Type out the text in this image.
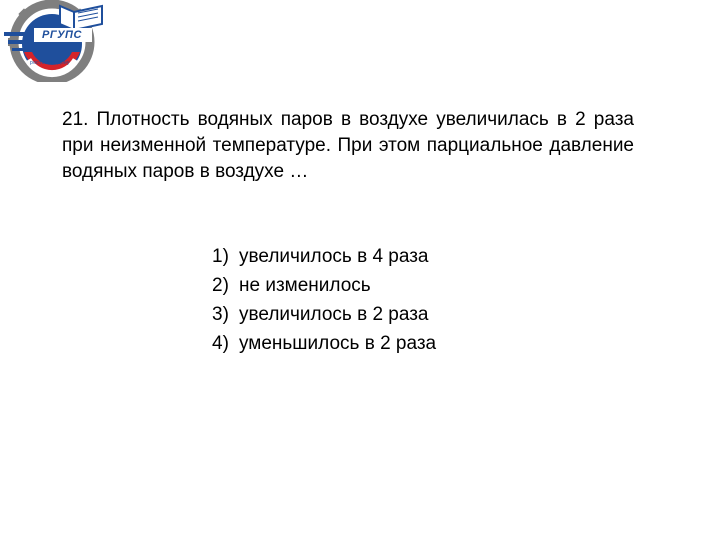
РГУПС
ростов-на-дону

21. Плотность водяных паров в воздухе увеличилась в 2 раза при неизменной температуре. При этом парциальное давление водяных паров в воздухе …

1) увеличилось в 4 раза
2) не изменилось
3) увеличилось в 2 раза
4) уменьшилось в 2 раза
